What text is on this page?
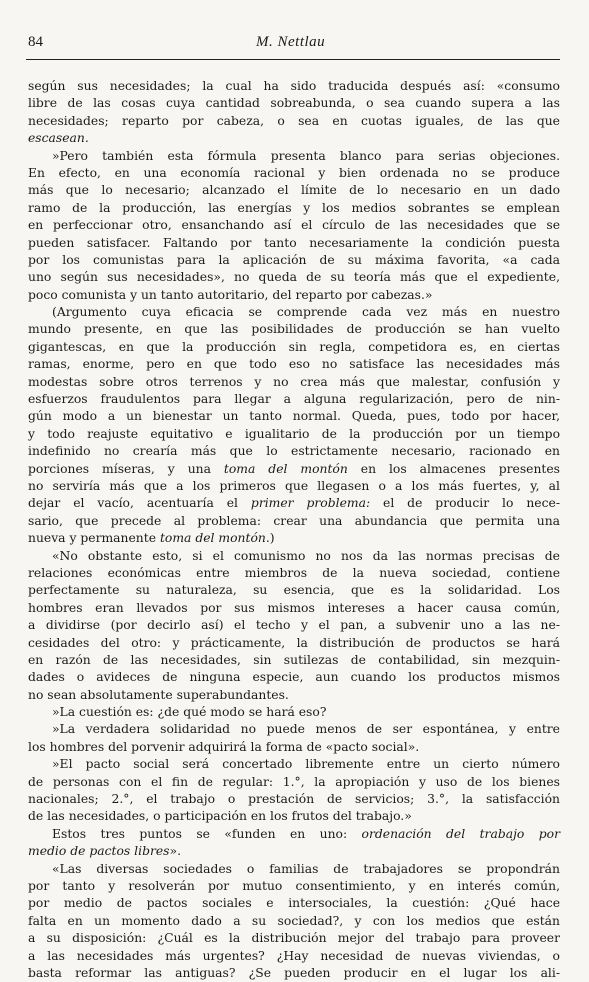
84	M. Nettlau
según sus necesidades; la cual ha sido traducida después así: «consumo
libre de las cosas cuya cantidad sobreabunda, o sea cuando supera a las
necesidades; reparto por cabeza, o sea en cuotas iguales, de las que
escasean.
»Pero también esta fórmula presenta blanco para serias objeciones.
En efecto, en una economía racional y bien ordenada no se produce
más que lo necesario; alcanzado el límite de lo necesario en un dado
ramo de la producción, las energías y los medios sobrantes se emplean
en perfeccionar otro, ensanchando así el círculo de las necesidades que se
pueden satisfacer. Faltando por tanto necesariamente la condición puesta
por los comunistas para la aplicación de su máxima favorita, «a cada
uno según sus necesidades», no queda de su teoría más que el expediente,
poco comunista y un tanto autoritario, del reparto por cabezas.»
(Argumento cuya eficacia se comprende cada vez más en nuestro
mundo presente, en que las posibilidades de producción se han vuelto
gigantescas, en que la producción sin regla, competidora es, en ciertas
ramas, enorme, pero en que todo eso no satisface las necesidades más
modestas sobre otros terrenos y no crea más que malestar, confusión y
esfuerzos fraudulentos para llegar a alguna regularización, pero de nin-
gún modo a un bienestar un tanto normal. Queda, pues, todo por hacer,
y todo reajuste equitativo e igualitario de la producción por un tiempo
indefinido no crearía más que lo estrictamente necesario, racionado en
porciones míseras, y una toma del montón en los almacenes presentes
no serviría más que a los primeros que llegasen o a los más fuertes, y, al
dejar el vacío, acentuaría el primer problema: el de producir lo nece-
sario, que precede al problema: crear una abundancia que permita una
nueva y permanente toma del montón.)
«No obstante esto, si el comunismo no nos da las normas precisas de
relaciones económicas entre miembros de la nueva sociedad, contiene
perfectamente su naturaleza, su esencia, que es la solidaridad. Los
hombres eran llevados por sus mismos intereses a hacer causa común,
a dividirse (por decirlo así) el techo y el pan, a subvenir uno a las ne-
cesidades del otro: y prácticamente, la distribución de productos se hará
en razón de las necesidades, sin sutilezas de contabilidad, sin mezquin-
dades o avideces de ninguna especie, aun cuando los productos mismos
no sean absolutamente superabundantes.
»La cuestión es: ¿de qué modo se hará eso?
»La verdadera solidaridad no puede menos de ser espontánea, y entre
los hombres del porvenir adquirirá la forma de «pacto social».
»El pacto social será concertado libremente entre un cierto número
de personas con el fin de regular: 1.°, la apropiación y uso de los bienes
nacionales; 2.°, el trabajo o prestación de servicios; 3.°, la satisfacción
de las necesidades, o participación en los frutos del trabajo.»
Estos tres puntos se «funden en uno: ordenación del trabajo por
medio de pactos libres».
«Las diversas sociedades o familias de trabajadores se propondrán
por tanto y resolverán por mutuo consentimiento, y en interés común,
por medio de pactos sociales e intersociales, la cuestión: ¿Qué hace
falta en un momento dado a su sociedad?, y con los medios que están
a su disposición: ¿Cuál es la distribución mejor del trabajo para proveer
a las necesidades más urgentes? ¿Hay necesidad de nuevas viviendas, o
basta reformar las antiguas? ¿Se pueden producir en el lugar los ali-
